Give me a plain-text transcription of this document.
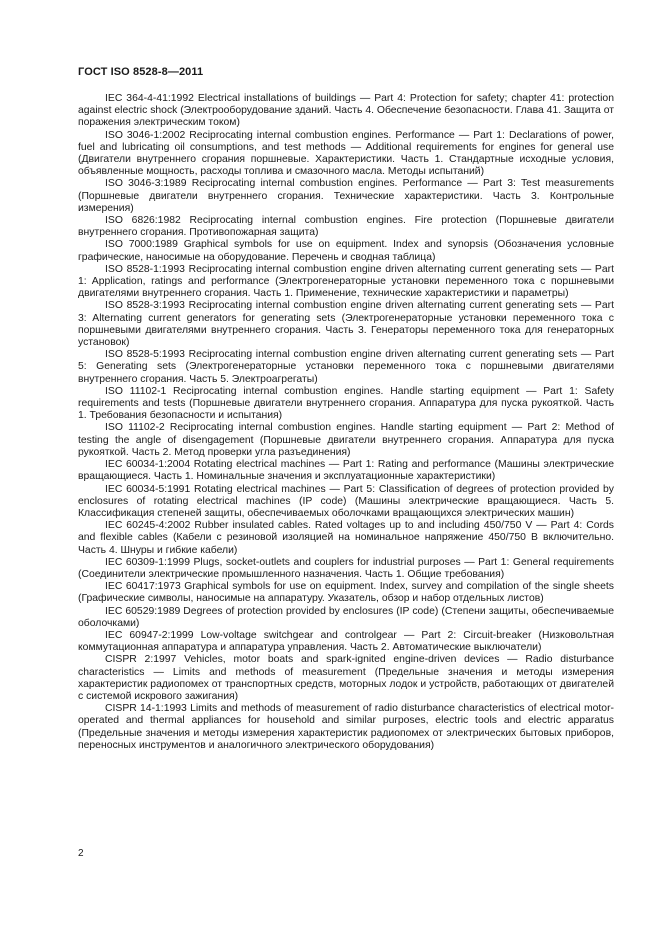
ГОСТ ISO 8528-8—2011

IEC 364-4-41:1992 Electrical installations of buildings — Part 4: Protection for safety; chapter 41: protection against electric shock (Электрооборудование зданий. Часть 4. Обеспечение безопасности. Глава 41. Защита от поражения электрическим током)

ISO 3046-1:2002 Reciprocating internal combustion engines. Performance — Part 1: Declarations of power, fuel and lubricating oil consumptions, and test methods — Additional requirements for engines for general use (Двигатели внутреннего сгорания поршневые. Характеристики. Часть 1. Стандартные исходные условия, объявленные мощность, расходы топлива и смазочного масла. Методы испытаний)

ISO 3046-3:1989 Reciprocating internal combustion engines. Performance — Part 3: Test measurements (Поршневые двигатели внутреннего сгорания. Технические характеристики. Часть 3. Контрольные измерения)

ISO 6826:1982 Reciprocating internal combustion engines. Fire protection (Поршневые двигатели внутреннего сгорания. Противопожарная защита)

ISO 7000:1989 Graphical symbols for use on equipment. Index and synopsis (Обозначения условные графические, наносимые на оборудование. Перечень и сводная таблица)

ISO 8528-1:1993 Reciprocating internal combustion engine driven alternating current generating sets — Part 1: Application, ratings and performance (Электрогенераторные установки переменного тока с поршневыми двигателями внутреннего сгорания. Часть 1. Применение, технические характеристики и параметры)

ISO 8528-3:1993 Reciprocating internal combustion engine driven alternating current generating sets — Part 3: Alternating current generators for generating sets (Электрогенераторные установки переменного тока с поршневыми двигателями внутреннего сгорания. Часть 3. Генераторы переменного тока для генераторных установок)

ISO 8528-5:1993 Reciprocating internal combustion engine driven alternating current generating sets — Part 5: Generating sets (Электрогенераторные установки переменного тока с поршневыми двигателями внутреннего сгорания. Часть 5. Электроагрегаты)

ISO 11102-1 Reciprocating internal combustion engines. Handle starting equipment — Part 1: Safety requirements and tests (Поршневые двигатели внутреннего сгорания. Аппаратура для пуска рукояткой. Часть 1. Требования безопасности и испытания)

ISO 11102-2 Reciprocating internal combustion engines. Handle starting equipment — Part 2: Method of testing the angle of disengagement (Поршневые двигатели внутреннего сгорания. Аппаратура для пуска рукояткой. Часть 2. Метод проверки угла разъединения)

IEC 60034-1:2004 Rotating electrical machines — Part 1: Rating and performance (Машины электрические вращающиеся. Часть 1. Номинальные значения и эксплуатационные характеристики)

IEC 60034-5:1991 Rotating electrical machines — Part 5: Classification of degrees of protection provided by enclosures of rotating electrical machines (IP code) (Машины электрические вращающиеся. Часть 5. Классификация степеней защиты, обеспечиваемых оболочками вращающихся электрических машин)

IEC 60245-4:2002 Rubber insulated cables. Rated voltages up to and including 450/750 V — Part 4: Cords and flexible cables (Кабели с резиновой изоляцией на номинальное напряжение 450/750 В включительно. Часть 4. Шнуры и гибкие кабели)

IEC 60309-1:1999 Plugs, socket-outlets and couplers for industrial purposes — Part 1: General requirements (Соединители электрические промышленного назначения. Часть 1. Общие требования)

IEC 60417:1973 Graphical symbols for use on equipment. Index, survey and compilation of the single sheets (Графические символы, наносимые на аппаратуру. Указатель, обзор и набор отдельных листов)

IEC 60529:1989 Degrees of protection provided by enclosures (IP code) (Степени защиты, обеспечиваемые оболочками)

IEC 60947-2:1999 Low-voltage switchgear and controlgear — Part 2: Circuit-breaker (Низковольтная коммутационная аппаратура и аппаратура управления. Часть 2. Автоматические выключатели)

CISPR 2:1997 Vehicles, motor boats and spark-ignited engine-driven devices — Radio disturbance characteristics — Limits and methods of measurement (Предельные значения и методы измерения характеристик радиопомех от транспортных средств, моторных лодок и устройств, работающих от двигателей с системой искрового зажигания)

CISPR 14-1:1993 Limits and methods of measurement of radio disturbance characteristics of electrical motor-operated and thermal appliances for household and similar purposes, electric tools and electric apparatus (Предельные значения и методы измерения характеристик радиопомех от электрических бытовых приборов, переносных инструментов и аналогичного электрического оборудования)

2
